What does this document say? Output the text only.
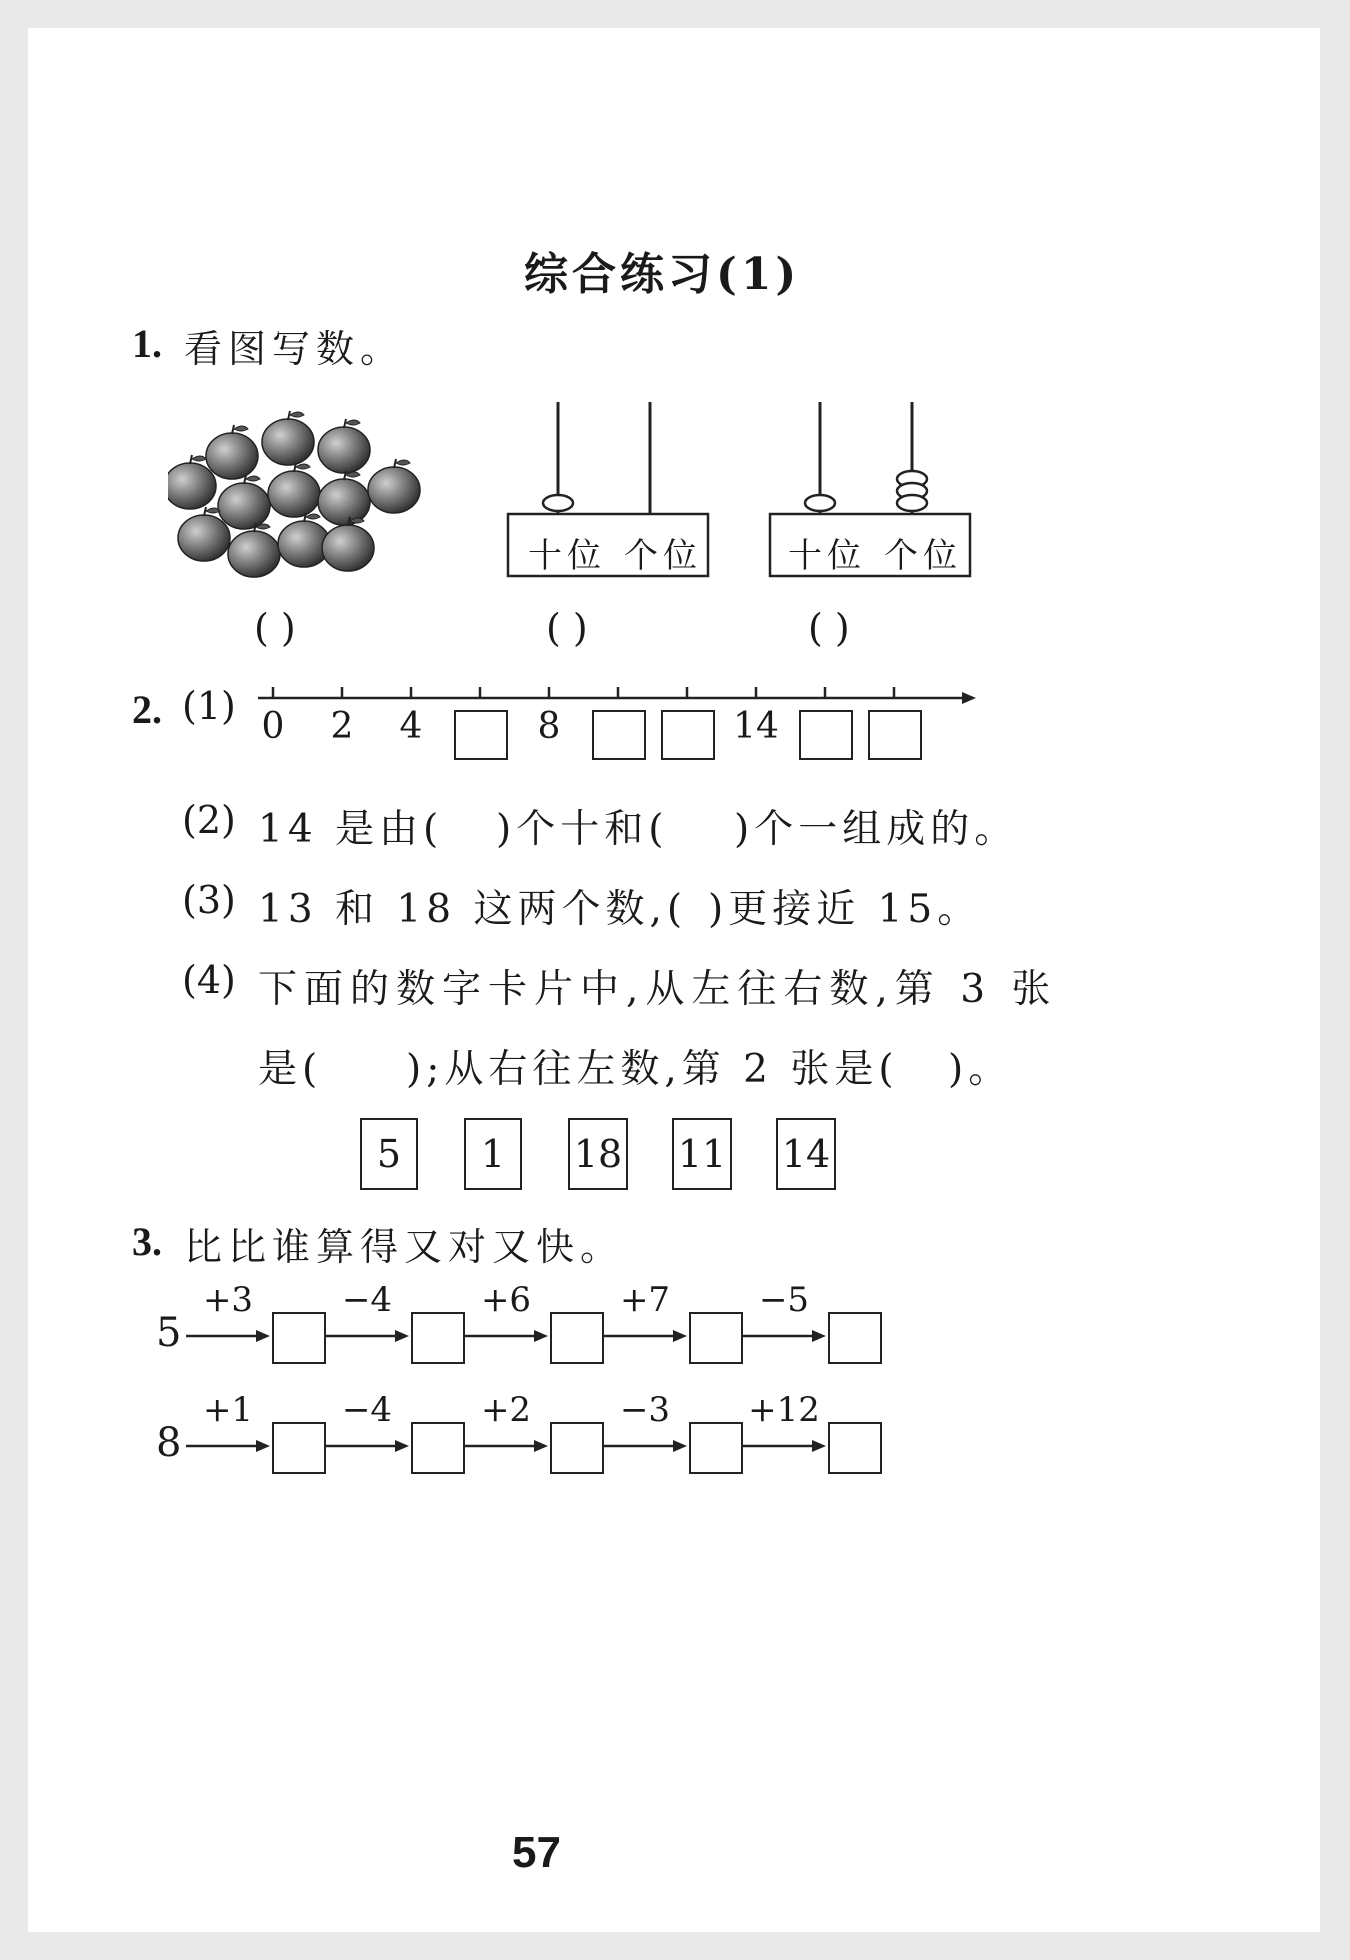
综合练习(1)
1. 看图写数。
十位 个位	十位 个位
( )	( )	( )
2. (1)
(2) 14 是由( )个十和( )个一组成的。
(3) 13 和 18 这两个数,( )更接近 15。
(4) 下面的数字卡片中,从左往右数,第 3 张
是( );从右往左数,第 2 张是( )。
5	1	18 11 14
3. 比比谁算得又对又快。
57
0	2	4	8	14
5
+3	−4	+6	+7	−5
8
+1	−4	+2	−3	+12
